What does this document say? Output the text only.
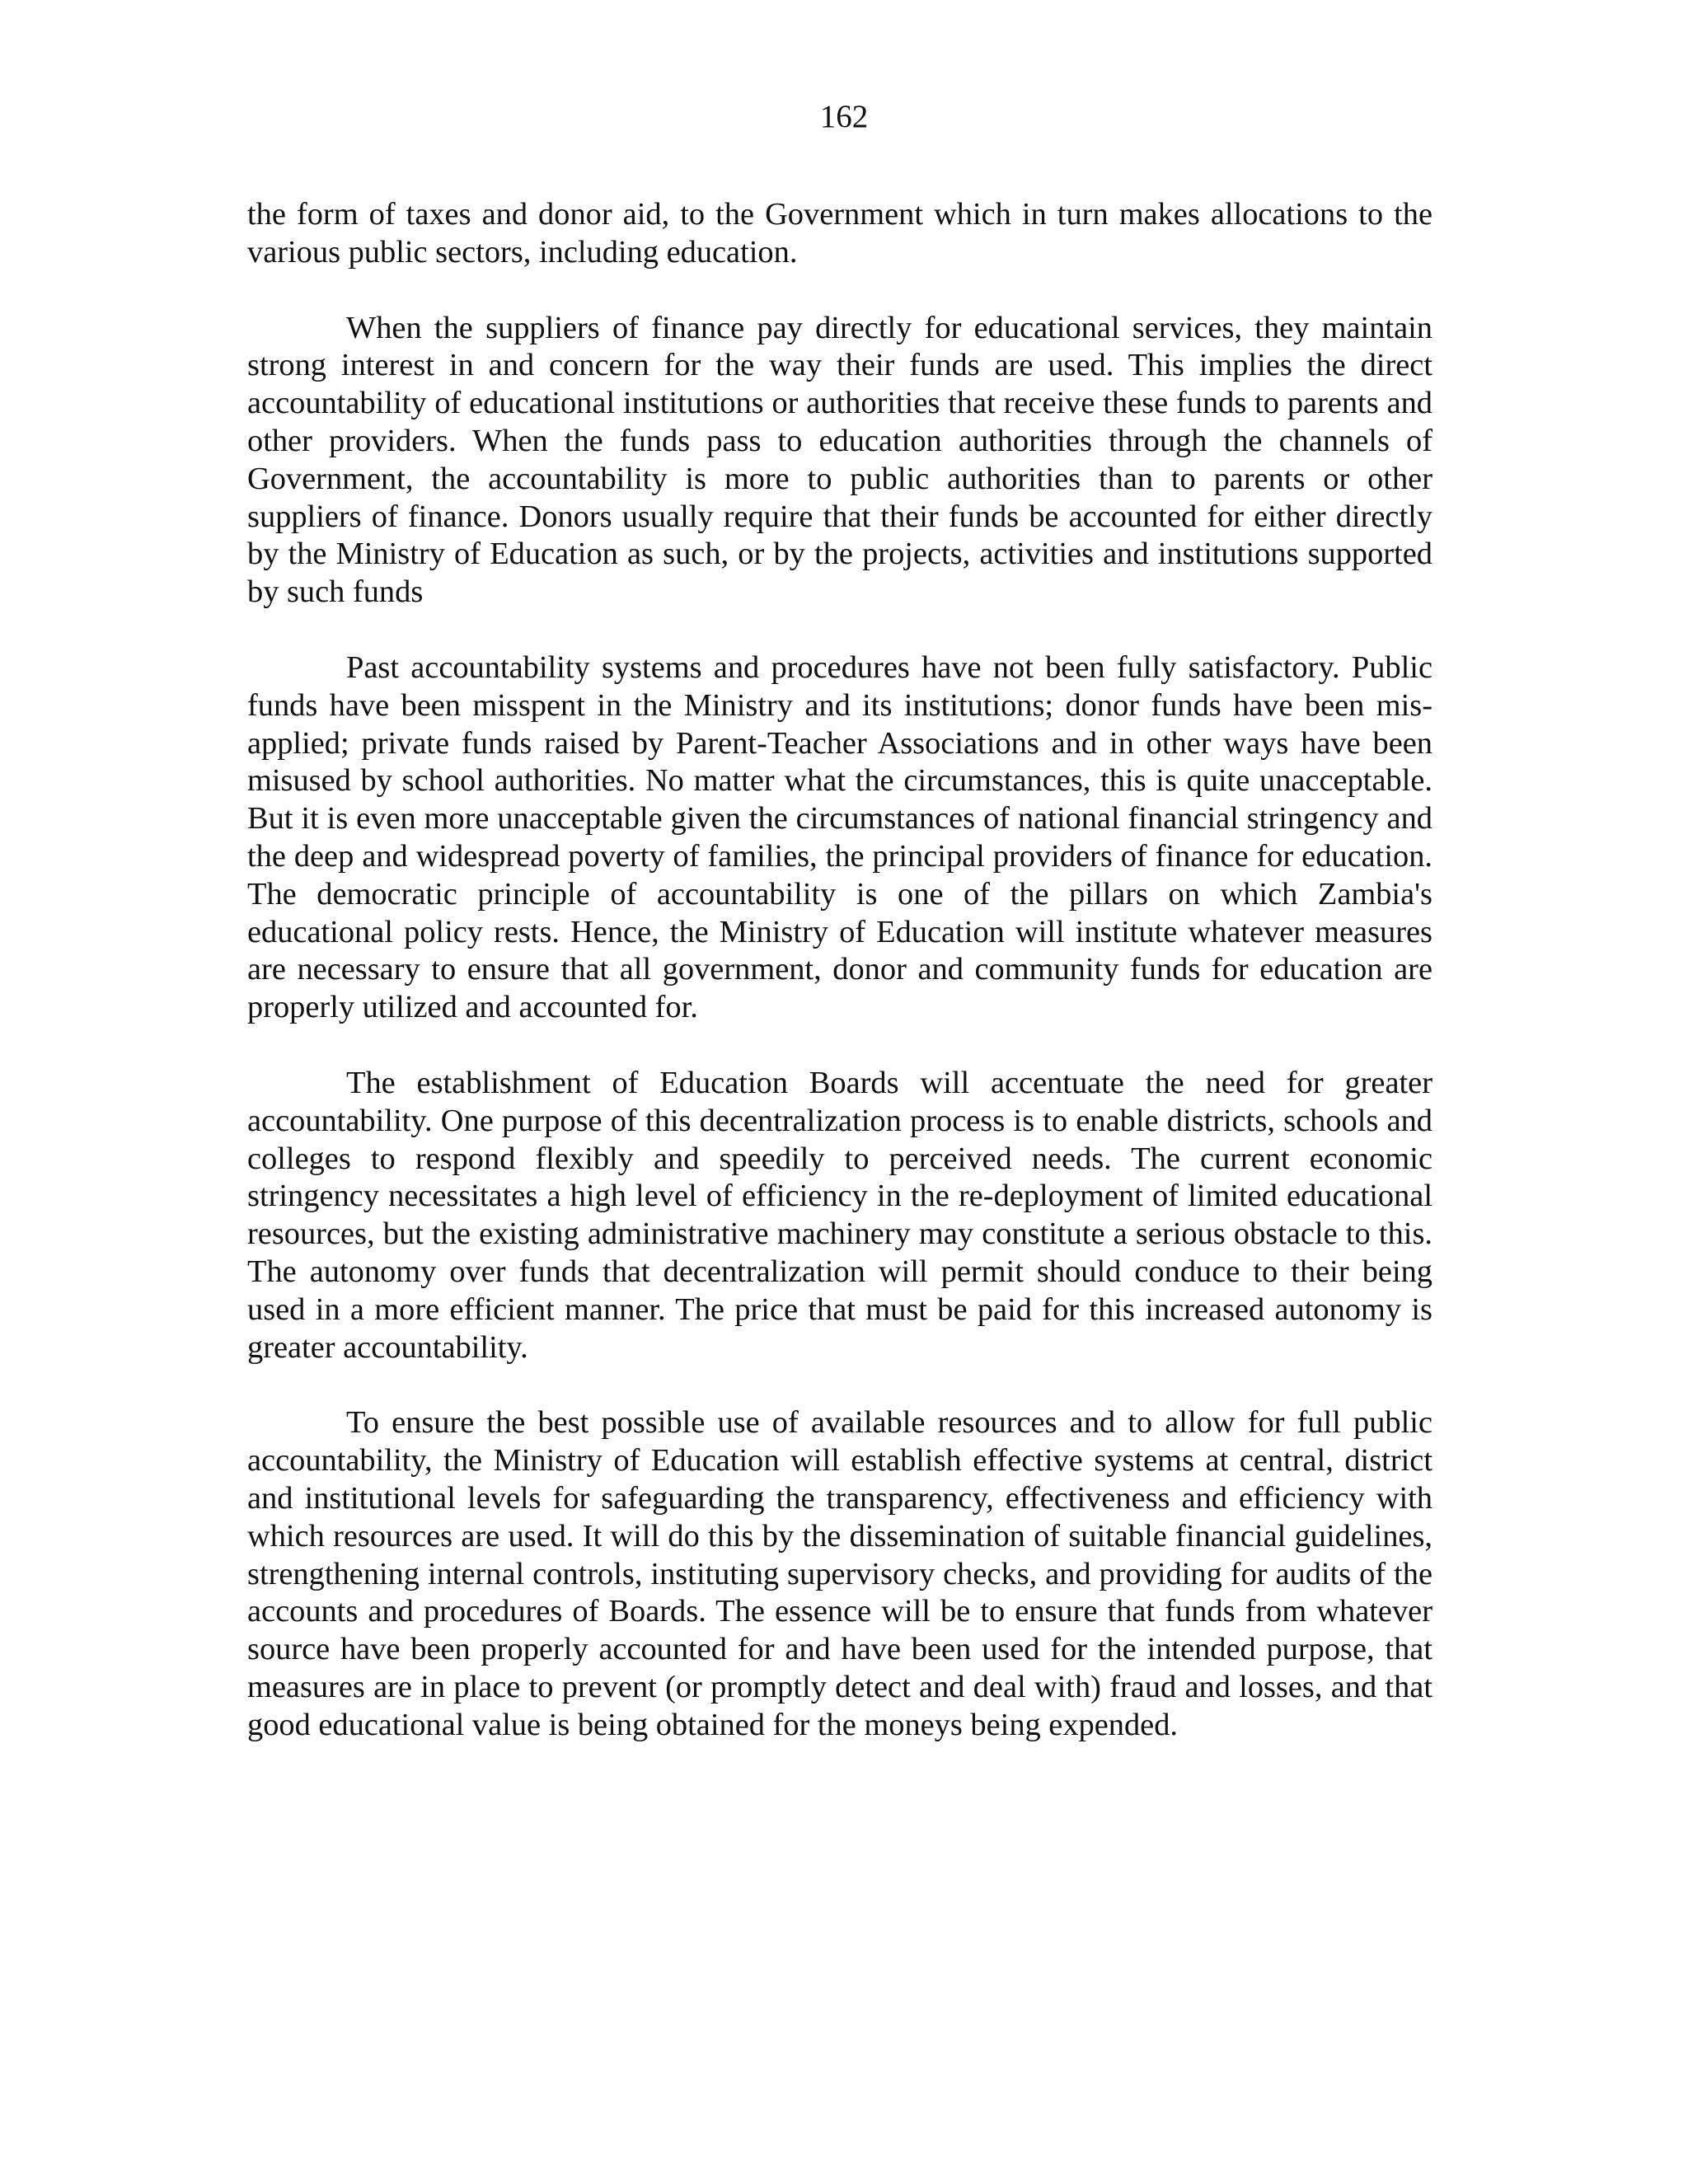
162

the form of taxes and donor aid, to the Government which in turn makes allocations to the various public sectors, including education.

When the suppliers of finance pay directly for educational services, they maintain strong interest in and concern for the way their funds are used. This implies the direct accountability of educational institutions or authorities that receive these funds to parents and other providers. When the funds pass to education authorities through the channels of Government, the accountability is more to public authorities than to parents or other suppliers of finance. Donors usually require that their funds be accounted for either directly by the Ministry of Education as such, or by the projects, activities and institutions supported by such funds

Past accountability systems and procedures have not been fully satisfactory. Public funds have been misspent in the Ministry and its institutions; donor funds have been mis-applied; private funds raised by Parent-Teacher Associations and in other ways have been misused by school authorities. No matter what the circumstances, this is quite unacceptable. But it is even more unacceptable given the circumstances of national financial stringency and the deep and widespread poverty of families, the principal providers of finance for education. The democratic principle of accountability is one of the pillars on which Zambia's educational policy rests. Hence, the Ministry of Education will institute whatever measures are necessary to ensure that all government, donor and community funds for education are properly utilized and accounted for.

The establishment of Education Boards will accentuate the need for greater accountability. One purpose of this decentralization process is to enable districts, schools and colleges to respond flexibly and speedily to perceived needs. The current economic stringency necessitates a high level of efficiency in the re-deployment of limited educational resources, but the existing administrative machinery may constitute a serious obstacle to this. The autonomy over funds that decentralization will permit should conduce to their being used in a more efficient manner. The price that must be paid for this increased autonomy is greater accountability.

To ensure the best possible use of available resources and to allow for full public accountability, the Ministry of Education will establish effective systems at central, district and institutional levels for safeguarding the transparency, effectiveness and efficiency with which resources are used. It will do this by the dissemination of suitable financial guidelines, strengthening internal controls, instituting supervisory checks, and providing for audits of the accounts and procedures of Boards. The essence will be to ensure that funds from whatever source have been properly accounted for and have been used for the intended purpose, that measures are in place to prevent (or promptly detect and deal with) fraud and losses, and that good educational value is being obtained for the moneys being expended.
